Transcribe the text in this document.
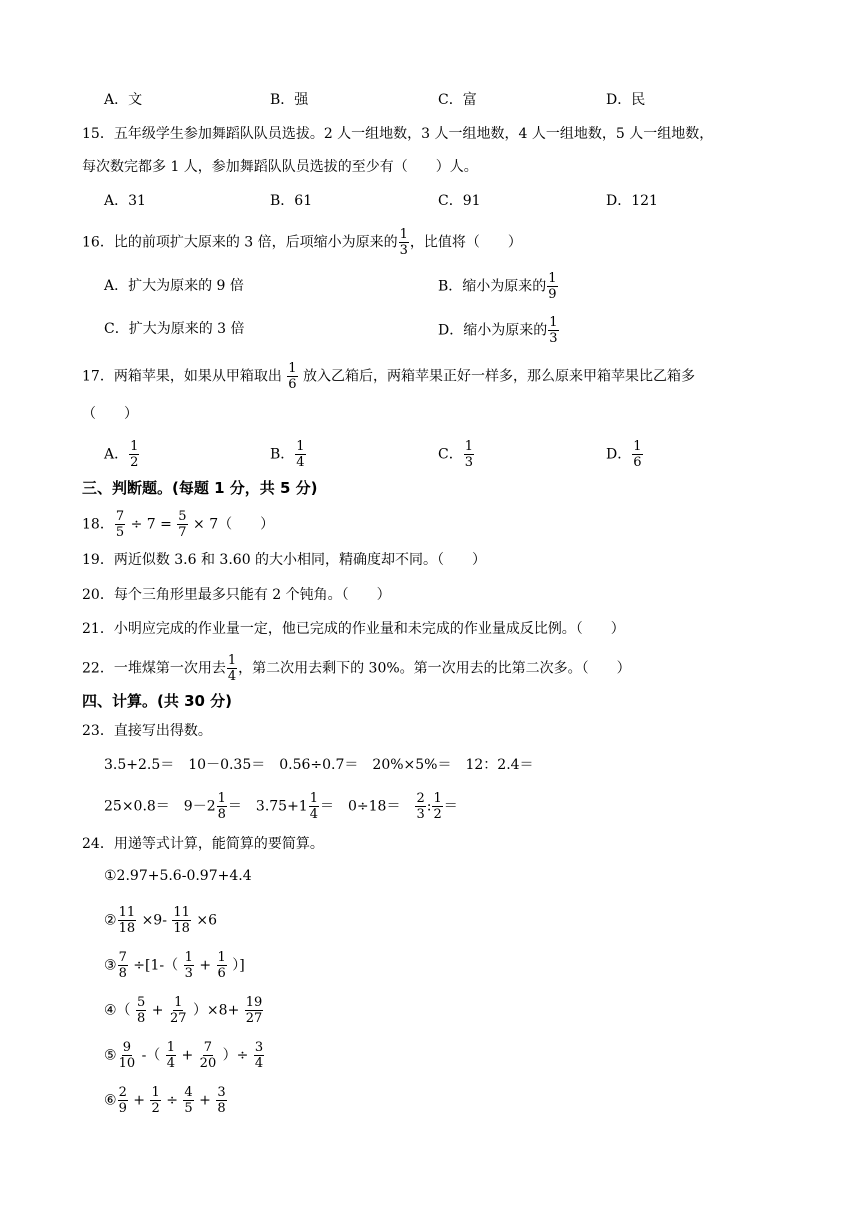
A．文	B．强	C．富	D．民
15．五年级学生参加舞蹈队队员选拔。2 人一组地数，3 人一组地数，4 人一组地数，5 人一组地数，
每次数完都多 1 人，参加舞蹈队队员选拔的至少有（　　）人。
A．31	B．61	C．91	D．121
16．比的前项扩大原来的 3 倍，后项缩小为原来的 $\frac{1}{3}$ ，比值将（　　）
A．扩大为原来的 9 倍	B．缩小为原来的 $\frac{1}{9}$
C．扩大为原来的 3 倍	D．缩小为原来的 $\frac{1}{3}$
17．两箱苹果，如果从甲箱取出 $\frac{1}{6}$ 放入乙箱后，两箱苹果正好一样多，那么原来甲箱苹果比乙箱多
（　　）
A． $\frac{1}{2}$	B． $\frac{1}{4}$	C． $\frac{1}{3}$	D． $\frac{1}{6}$
三、判断题。(每题 1 分，共 5 分)
18． $\frac{7}{5} \div 7 = \frac{5}{7} \times 7$（　　）
19．两近似数 3.6 和 3.60 的大小相同，精确度却不同。（　　）
20．每个三角形里最多只能有 2 个钝角。（　　）
21．小明应完成的作业量一定，他已完成的作业量和未完成的作业量成反比例。（　　）
22．一堆煤第一次用去 $\frac{1}{4}$ ，第二次用去剩下的 30%。第一次用去的比第二次多。（　　）
四、计算。(共 30 分)
23．直接写出得数。
3.5+2.5＝　10－0.35＝　0.56÷0.7＝　20%×5%＝　12：2.4＝
25×0.8＝　$9-2 \frac{1}{8}$ ＝　$3.75+1 \frac{1}{4}$ ＝　0÷18＝　 $\frac{2}{3}$ : $\frac{1}{2}$ ＝
24．用递等式计算，能简算的要简算。
①2.97+5.6-0.97+4.4
② $\frac{11}{18} \times 9- \frac{11}{18} \times 6$
③ $\frac{7}{8} \div[1-( \frac{1}{3} + \frac{1}{6}$ ）]
④（ $\frac{5}{8} + \frac{1}{27} )\times 8+ \frac{19}{27}$
⑤ $\frac{9}{10}$ -（ $\frac{1}{4} + \frac{7}{20}$ ）÷ $\frac{3}{4}$
⑥ $\frac{2}{9} + \frac{1}{2} \div \frac{4}{5} + \frac{3}{8}$
